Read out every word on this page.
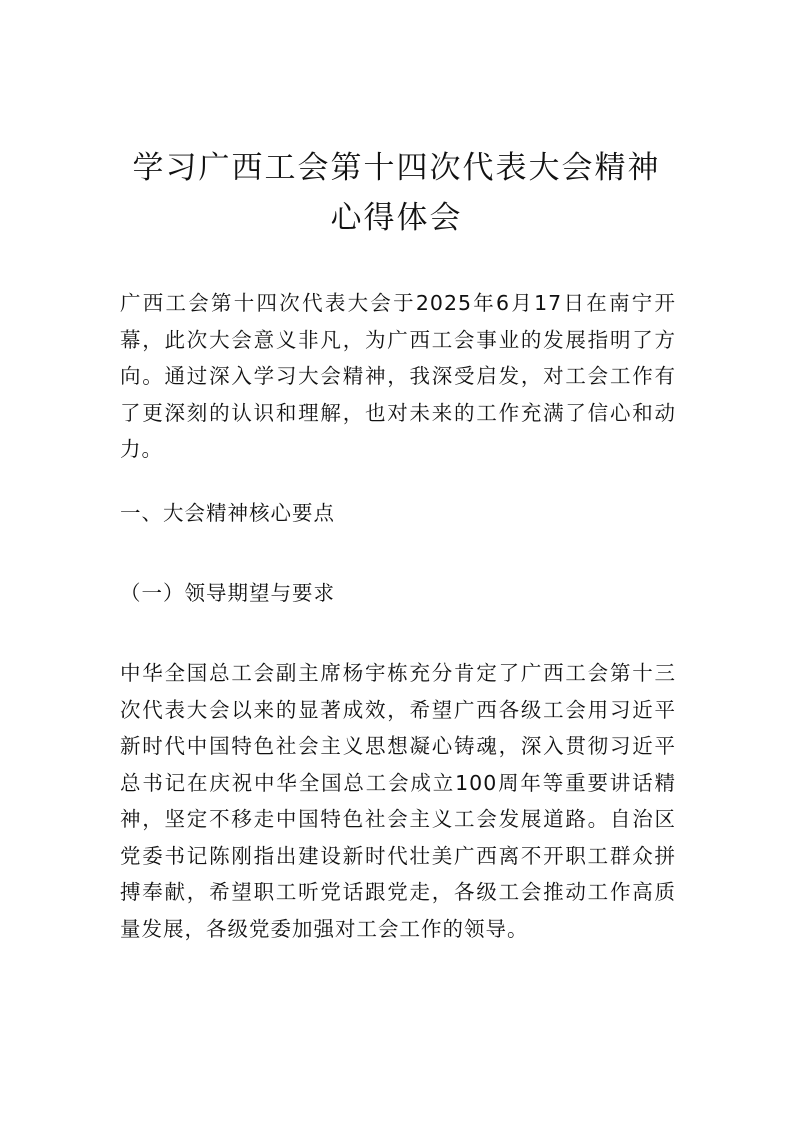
学习广西工会第十四次代表大会精神心得体会

广西工会第十四次代表大会于2025年6月17日在南宁开幕，此次大会意义非凡，为广西工会事业的发展指明了方向。通过深入学习大会精神，我深受启发，对工会工作有了更深刻的认识和理解，也对未来的工作充满了信心和动力。

一、大会精神核心要点

（一）领导期望与要求

中华全国总工会副主席杨宇栋充分肯定了广西工会第十三次代表大会以来的显著成效，希望广西各级工会用习近平新时代中国特色社会主义思想凝心铸魂，深入贯彻习近平总书记在庆祝中华全国总工会成立100周年等重要讲话精神，坚定不移走中国特色社会主义工会发展道路。自治区党委书记陈刚指出建设新时代壮美广西离不开职工群众拼搏奉献，希望职工听党话跟党走，各级工会推动工作高质量发展，各级党委加强对工会工作的领导。
